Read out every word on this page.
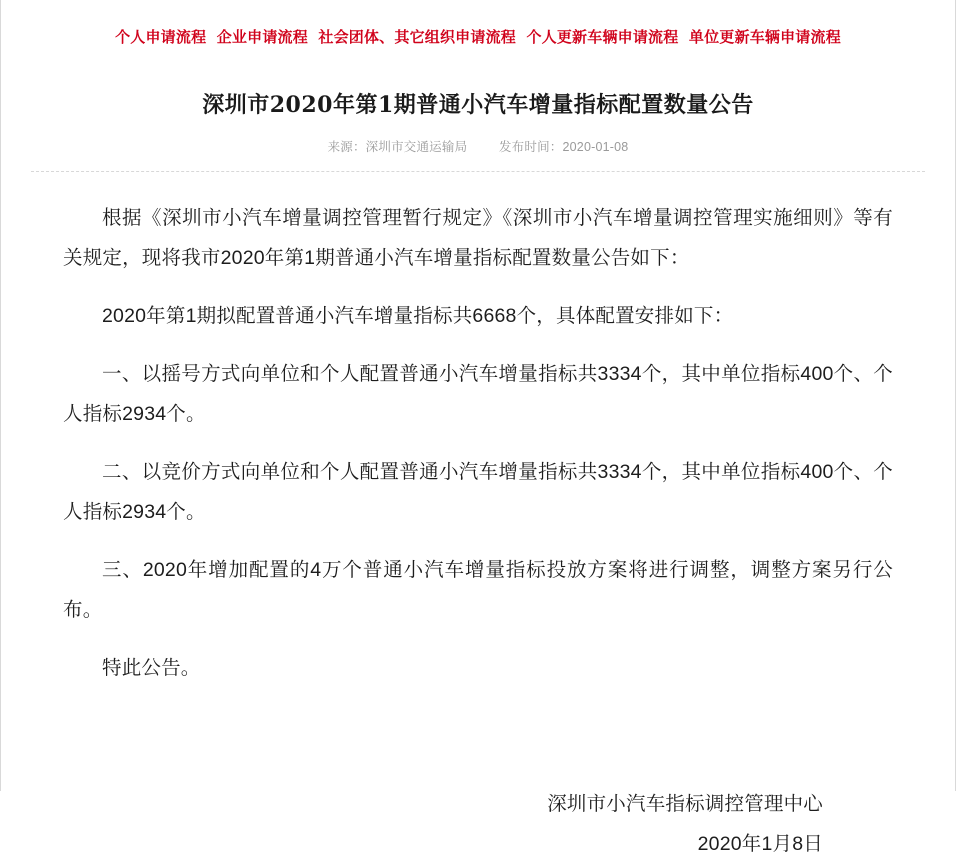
个人申请流程 企业申请流程 社会团体、其它组织申请流程 个人更新车辆申请流程 单位更新车辆申请流程
深圳市2020年第1期普通小汽车增量指标配置数量公告
来源：深圳市交通运输局	发布时间：2020-01-08

根据《深圳市小汽车增量调控管理暂行规定》《深圳市小汽车增量调控管理实施细则》等有关规定，现将我市2020年第1期普通小汽车增量指标配置数量公告如下：

2020年第1期拟配置普通小汽车增量指标共6668个，具体配置安排如下：

一、以摇号方式向单位和个人配置普通小汽车增量指标共3334个，其中单位指标400个、个人指标2934个。

二、以竞价方式向单位和个人配置普通小汽车增量指标共3334个，其中单位指标400个、个人指标2934个。

三、2020年增加配置的4万个普通小汽车增量指标投放方案将进行调整，调整方案另行公布。

特此公告。

深圳市小汽车指标调控管理中心
2020年1月8日
